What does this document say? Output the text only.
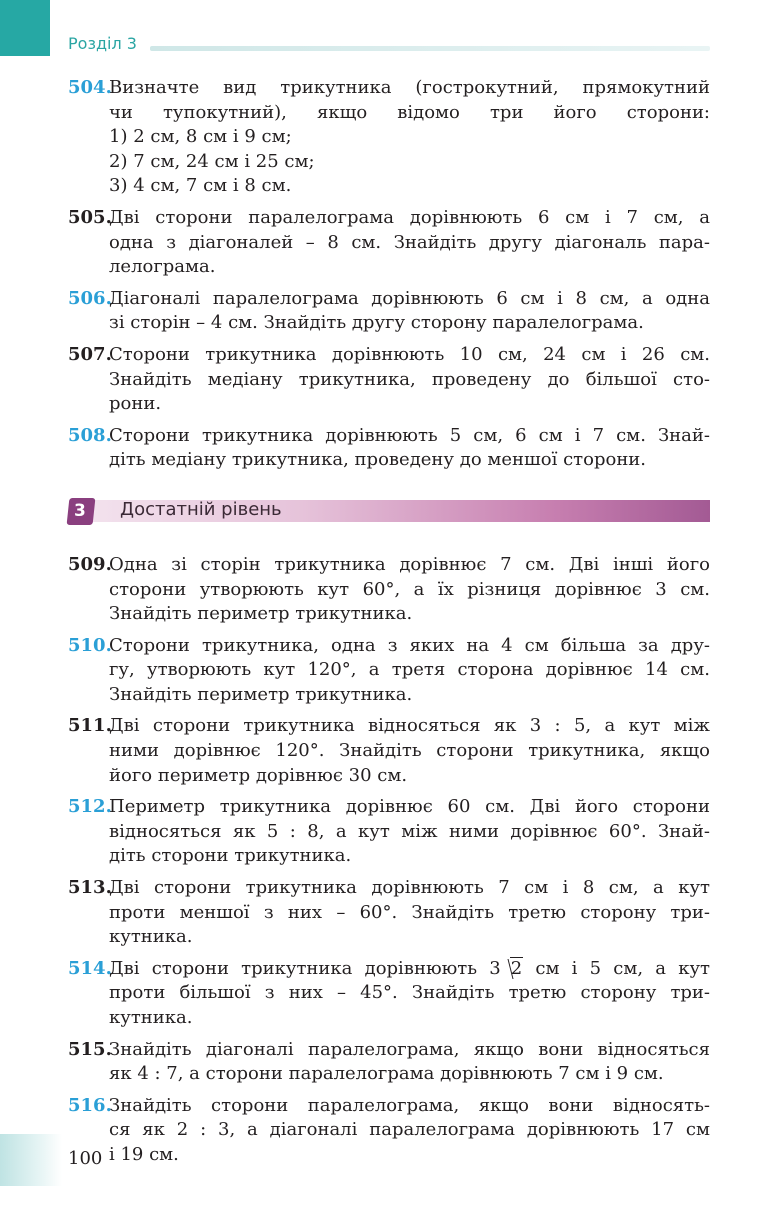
Розділ 3
504.
Визначте вид трикутника (гострокутний, прямокутний
чи тупокутний), якщо відомо три його сторони:
1) 2 см, 8 см і 9 см;
2) 7 см, 24 см і 25 см;
3) 4 см, 7 см і 8 см.
505.
Дві сторони паралелограма дорівнюють 6 см і 7 см, а
одна з діагоналей – 8 см. Знайдіть другу діагональ пара-
лелограма.
506.
Діагоналі паралелограма дорівнюють 6 см і 8 см, а одна
зі сторін – 4 см. Знайдіть другу сторону паралелограма.
507.
Сторони трикутника дорівнюють 10 см, 24 см і 26 см.
Знайдіть медіану трикутника, проведену до більшої сто-
рони.
508.
Сторони трикутника дорівнюють 5 см, 6 см і 7 см. Знай-
діть медіану трикутника, проведену до меншої сторони.
3 Достатній рівень
509.
Одна зі сторін трикутника дорівнює 7 см. Дві інші його
сторони утворюють кут 60°, а їх різниця дорівнює 3 см.
Знайдіть периметр трикутника.
510.
Сторони трикутника, одна з яких на 4 см більша за дру-
гу, утворюють кут 120°, а третя сторона дорівнює 14 см.
Знайдіть периметр трикутника.
511.
Дві сторони трикутника відносяться як 3 : 5, а кут між
ними дорівнює 120°. Знайдіть сторони трикутника, якщо
його периметр дорівнює 30 см.
512.
Периметр трикутника дорівнює 60 см. Дві його сторони
відносяться як 5 : 8, а кут між ними дорівнює 60°. Знай-
діть сторони трикутника.
513.
Дві сторони трикутника дорівнюють 7 см і 8 см, а кут
проти меншої з них – 60°. Знайдіть третю сторону три-
кутника.
514.
Дві сторони трикутника дорівнюють 3 2 см і 5 см, а кут
проти більшої з них – 45°. Знайдіть третю сторону три-
кутника.
515.
Знайдіть діагоналі паралелограма, якщо вони відносяться
як 4 : 7, а сторони паралелограма дорівнюють 7 см і 9 см.
516.
Знайдіть сторони паралелограма, якщо вони відносять-
ся як 2 : 3, а діагоналі паралелограма дорівнюють 17 см
і 19 см.
100
